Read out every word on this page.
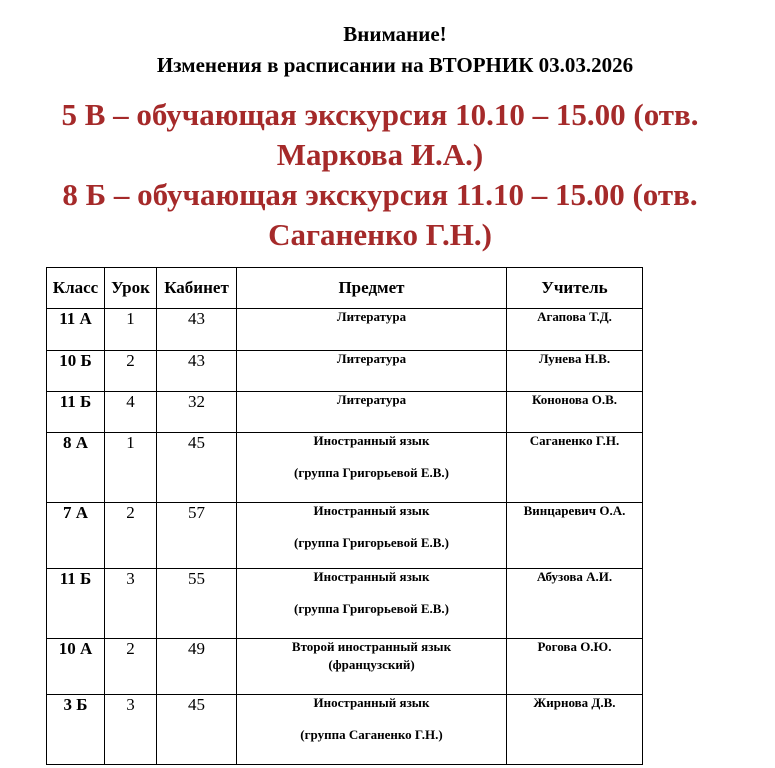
Внимание!
Изменения в расписании на ВТОРНИК 03.03.2026
5 В – обучающая экскурсия 10.10 – 15.00 (отв.
Маркова И.А.)
8 Б – обучающая экскурсия 11.10 – 15.00 (отв.
Саганенко Г.Н.)
Класс	Урок	Кабинет	Предмет	Учитель
11 А	1	43	Литература	Агапова Т.Д.
10 Б	2	43	Литература	Лунева Н.В.
11 Б	4	32	Литература	Кононова О.В.
8 А	1	45	Иностранный язык
(группа Григорьевой Е.В.)	Саганенко Г.Н.
7 А	2	57	Иностранный язык
(группа Григорьевой Е.В.)	Винцаревич О.А.
11 Б	3	55	Иностранный язык
(группа Григорьевой Е.В.)	Абузова А.И.
10 А	2	49	Второй иностранный язык
(французский)	Рогова О.Ю.
3 Б	3	45	Иностранный язык
(группа Саганенко Г.Н.)	Жирнова Д.В.
